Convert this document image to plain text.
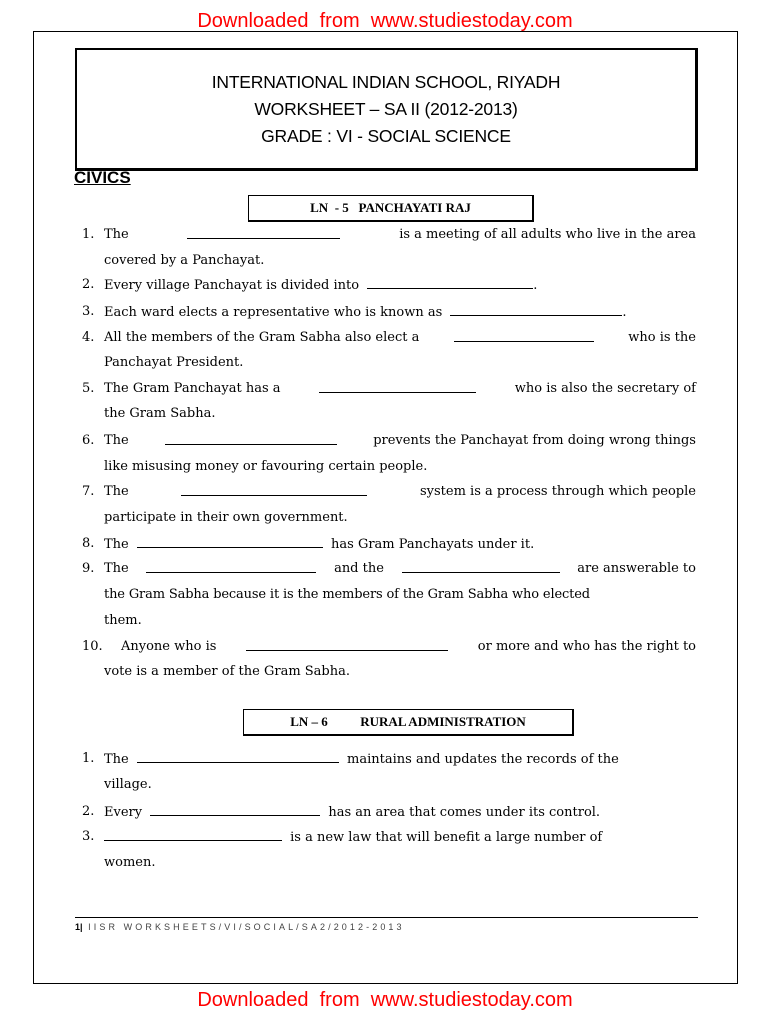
Downloaded  from  www.studiestoday.com
INTERNATIONAL INDIAN SCHOOL, RIYADH
WORKSHEET – SA II (2012-2013)
GRADE : VI - SOCIAL SCIENCE
CIVICS
LN  - 5   PANCHAYATI RAJ
1.
2.
3.
4.
5.
6.
7.
8.
9.
10.
The	is a meeting of all adults who live in the area
covered by a Panchayat.
Every village Panchayat is divided into	.
Each ward elects a representative who is known as	.
All the members of the Gram Sabha also elect a	who is the
Panchayat President.
The Gram Panchayat has a	who is also the secretary of
the Gram Sabha.
The	prevents the Panchayat from doing wrong things
like misusing money or favouring certain people.
The	system is a process through which people
participate in their own government.
The	has Gram Panchayats under it.
The	and the	are answerable to
the Gram Sabha because it is the members of the Gram Sabha who elected
them.
Anyone who is	or more and who has the right to
vote is a member of the Gram Sabha.
LN – 6          RURAL ADMINISTRATION
1.
2.
3.
The	maintains and updates the records of the
village.
Every	has an area that comes under its control.
is a new law that will benefit a large number of
women.
1| IISR WORKSHEETS/VI/SOCIAL/SA2/2012-2013
Downloaded  from  www.studiestoday.com
